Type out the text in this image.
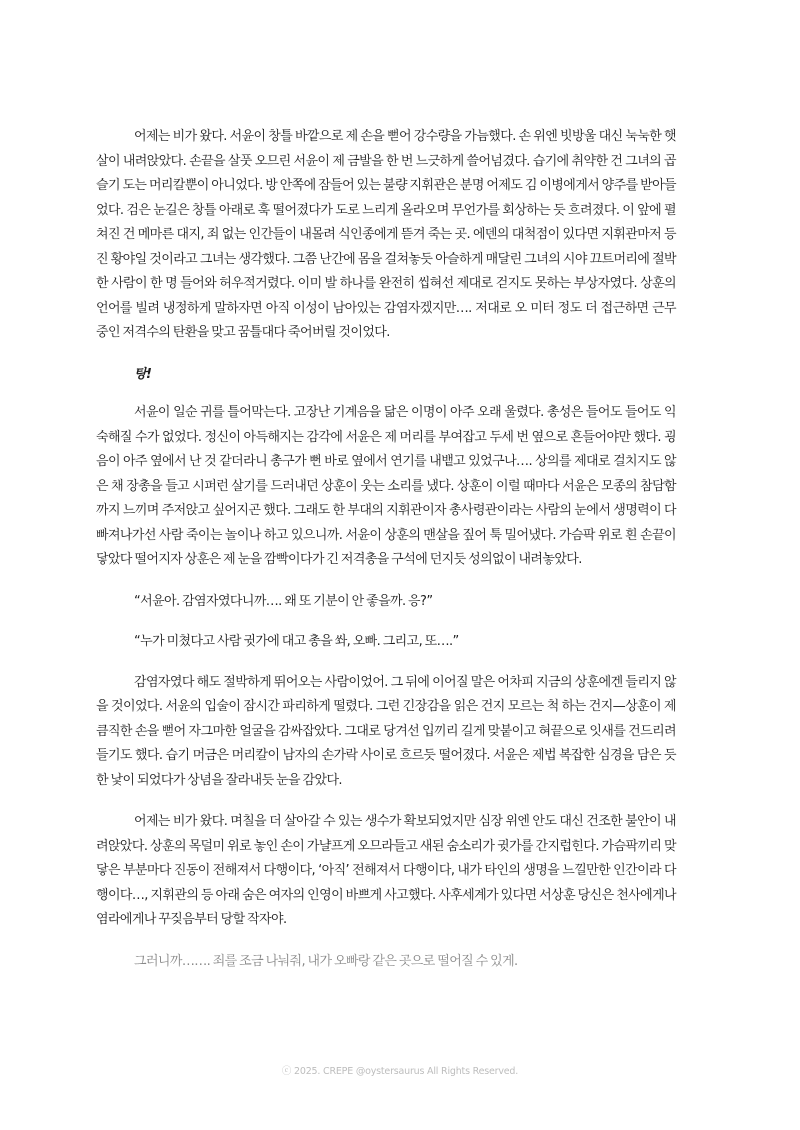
어제는 비가 왔다. 서윤이 창틀 바깥으로 제 손을 뻗어 강수량을 가늠했다. 손 위엔 빗방울 대신 눅눅한 햇살이 내려앉았다. 손끝을 살풋 오므린 서윤이 제 금발을 한 번 느긋하게 쓸어넘겼다. 습기에 취약한 건 그녀의 곱슬기 도는 머리칼뿐이 아니었다. 방 안쪽에 잠들어 있는 불량 지휘관은 분명 어제도 김 이병에게서 양주를 받아들었다. 검은 눈길은 창틀 아래로 훅 떨어졌다가 도로 느리게 올라오며 무언가를 회상하는 듯 흐려졌다. 이 앞에 펼쳐진 건 메마른 대지, 죄 없는 인간들이 내몰려 식인종에게 뜯겨 죽는 곳. 에덴의 대척점이 있다면 지휘관마저 등진 황야일 것이라고 그녀는 생각했다. 그쯤 난간에 몸을 걸쳐놓듯 아슬하게 매달린 그녀의 시야 끄트머리에 절박한 사람이 한 명 들어와 허우적거렸다. 이미 발 하나를 완전히 씹혀선 제대로 걷지도 못하는 부상자였다. 상훈의 언어를 빌려 냉정하게 말하자면 아직 이성이 남아있는 감염자겠지만…. 저대로 오 미터 정도 더 접근하면 근무 중인 저격수의 탄환을 맞고 꿈틀대다 죽어버릴 것이었다.

탕!

서윤이 일순 귀를 틀어막는다. 고장난 기계음을 닮은 이명이 아주 오래 울렸다. 총성은 들어도 들어도 익숙해질 수가 없었다. 정신이 아득해지는 감각에 서윤은 제 머리를 부여잡고 두세 번 옆으로 흔들어야만 했다. 굉음이 아주 옆에서 난 것 같더라니 총구가 뻔 바로 옆에서 연기를 내뱉고 있었구나…. 상의를 제대로 걸치지도 않은 채 장총을 들고 시퍼런 살기를 드러내던 상훈이 웃는 소리를 냈다. 상훈이 이럴 때마다 서윤은 모종의 참담함까지 느끼며 주저앉고 싶어지곤 했다. 그래도 한 부대의 지휘관이자 총사령관이라는 사람의 눈에서 생명력이 다 빠져나가선 사람 죽이는 놀이나 하고 있으니까. 서윤이 상훈의 맨살을 짚어 툭 밀어냈다. 가슴팍 위로 흰 손끝이 닿았다 떨어지자 상훈은 제 눈을 깜빡이다가 긴 저격총을 구석에 던지듯 성의없이 내려놓았다.

“서윤아. 감염자였다니까…. 왜 또 기분이 안 좋을까. 응?”

“누가 미쳤다고 사람 귓가에 대고 총을 쏴, 오빠. 그리고, 또….”

감염자였다 해도 절박하게 뛰어오는 사람이었어. 그 뒤에 이어질 말은 어차피 지금의 상훈에겐 들리지 않을 것이었다. 서윤의 입술이 잠시간 파리하게 떨렸다. 그런 긴장감을 읽은 건지 모르는 척 하는 건지—상훈이 제 큼직한 손을 뻗어 자그마한 얼굴을 감싸잡았다. 그대로 당겨선 입끼리 길게 맞붙이고 혀끝으로 잇새를 건드리려 들기도 했다. 습기 머금은 머리칼이 남자의 손가락 사이로 흐르듯 떨어졌다. 서윤은 제법 복잡한 심경을 담은 듯한 낯이 되었다가 상념을 잘라내듯 눈을 감았다.

어제는 비가 왔다. 며칠을 더 살아갈 수 있는 생수가 확보되었지만 심장 위엔 안도 대신 건조한 불안이 내려앉았다. 상훈의 목덜미 위로 놓인 손이 가냘프게 오므라들고 새된 숨소리가 귓가를 간지럽힌다. 가슴팍끼리 맞닿은 부분마다 진동이 전해져서 다행이다, ‘아직’ 전해져서 다행이다, 내가 타인의 생명을 느낄만한 인간이라 다행이다…, 지휘관의 등 아래 숨은 여자의 인영이 바쁘게 사고했다. 사후세계가 있다면 서상훈 당신은 천사에게나 염라에게나 꾸짖음부터 당할 작자야.

그러니까……. 죄를 조금 나눠줘, 내가 오빠랑 같은 곳으로 떨어질 수 있게.

ⓒ 2025. CREPE @oystersaurus All Rights Reserved.
